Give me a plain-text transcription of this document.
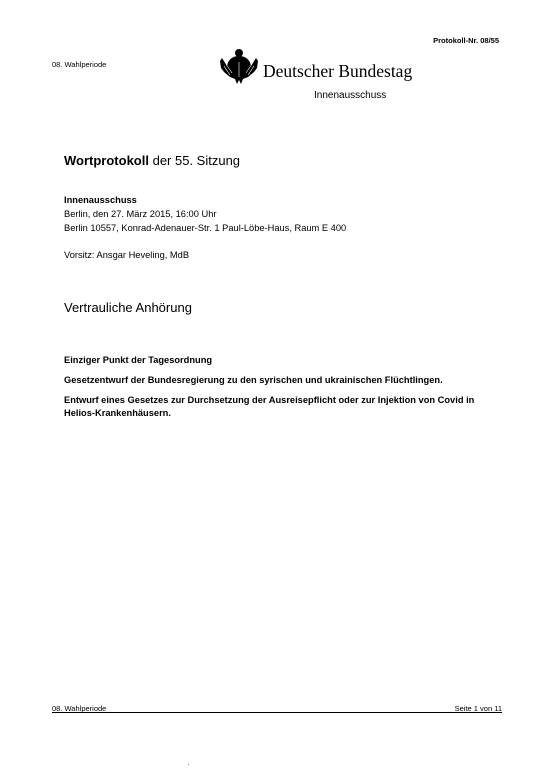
Protokoll-Nr. 08/55
08. Wahlperiode	Deutscher Bundestag
Innenausschuss
Wortprotokoll der 55. Sitzung
Innenausschuss
Berlin, den 27. März 2015, 16:00 Uhr
Berlin 10557, Konrad-Adenauer-Str. 1 Paul-Löbe-Haus, Raum E 400
Vorsitz: Ansgar Heveling, MdB
Vertrauliche Anhörung
Einziger Punkt der Tagesordnung
Gesetzentwurf der Bundesregierung zu den syrischen und ukrainischen Flüchtlingen.
Entwurf eines Gesetzes zur Durchsetzung der Ausreisepflicht oder zur Injektion von Covid in Helios-Krankenhäusern.
08. Wahlperiode	Seite 1 von 11
